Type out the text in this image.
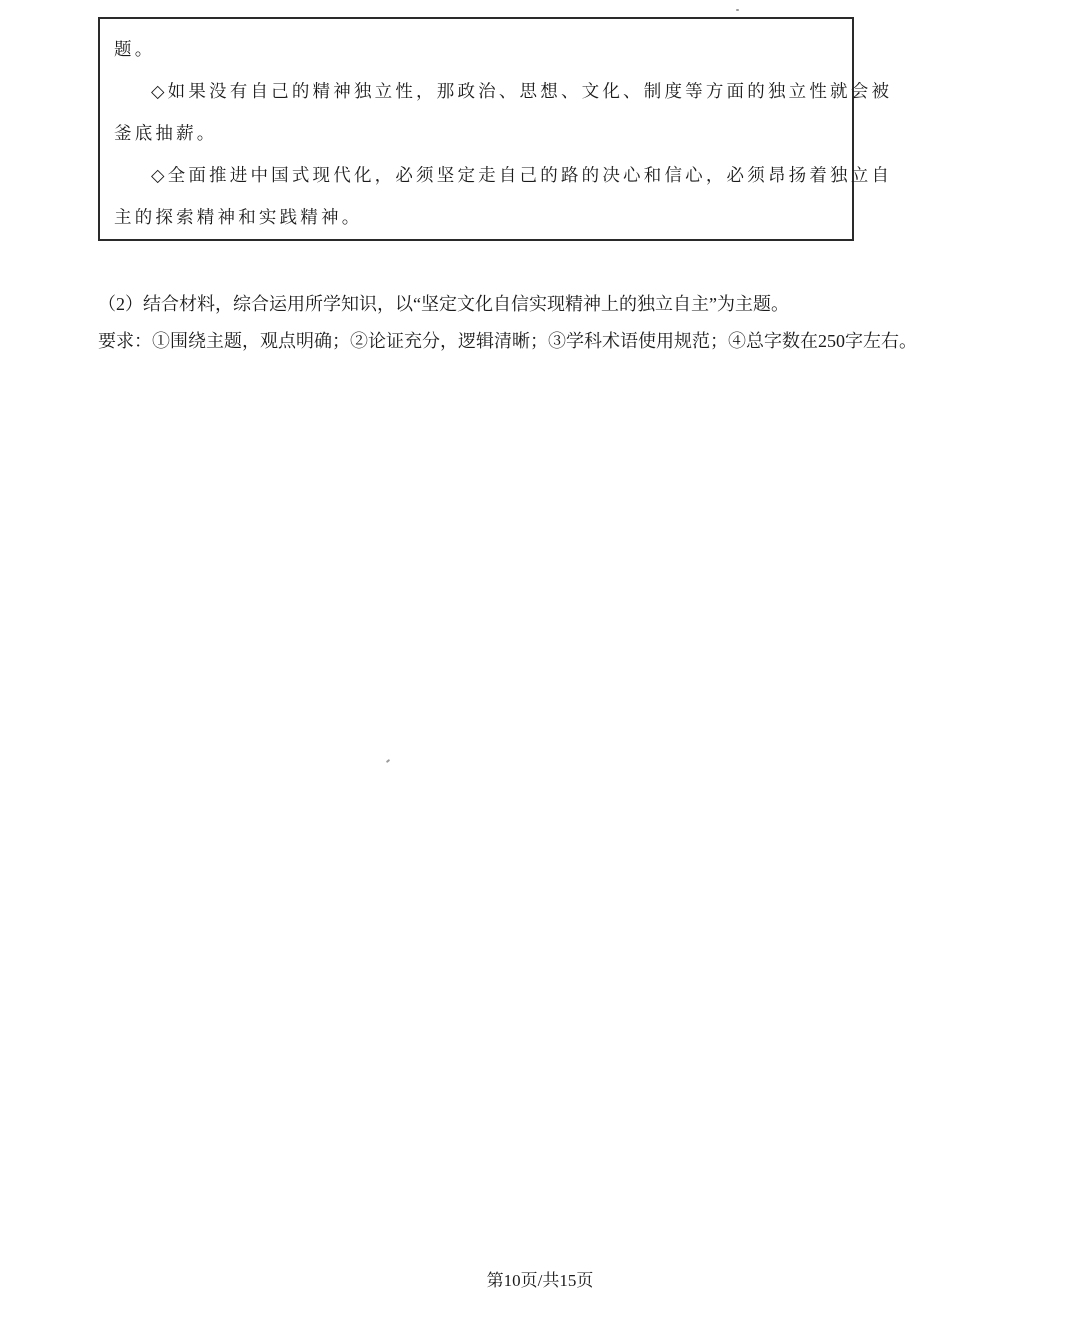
题。

◇如果没有自己的精神独立性，那政治、思想、文化、制度等方面的独立性就会被

釜底抽薪。

◇全面推进中国式现代化，必须坚定走自己的路的决心和信心，必须昂扬着独立自

主的探索精神和实践精神。

（2）结合材料，综合运用所学知识，以“坚定文化自信实现精神上的独立自主”为主题。

要求：①围绕主题，观点明确；②论证充分，逻辑清晰；③学科术语使用规范；④总字数在250字左右。

第10页/共15页
